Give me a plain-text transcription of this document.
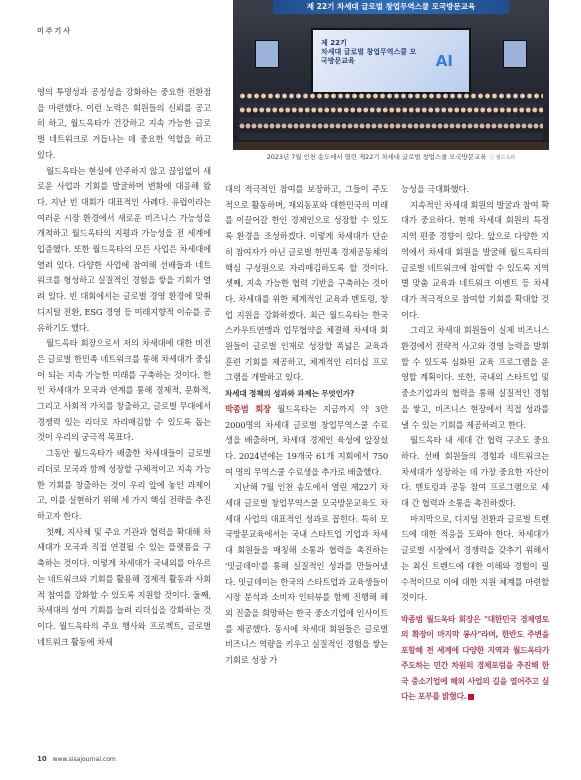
미주기사
제 22기 차세대 글로벌 창업무역스쿨 모국방문교육
제 22기
차세대 글로벌 창업무역스쿨 모국방문교육	AI
2023년 7월 인천 송도에서 열린 제22기 차세대 글로벌 창업스쿨 모국방문교육 ⓒ 월드옥타

영의 투명성과 공정성을 강화하는 중요한 전환점을 마련했다. 이런 노력은 회원들의 신뢰를 공고히 하고, 월드옥타가 건강하고 지속 가능한 글로벌 네트워크로 거듭나는 데 중요한 역할을 하고 있다.

월드옥타는 현실에 안주하지 않고 끊임없이 새로운 사업과 기회를 발굴하며 변화에 대응해 왔다. 지난 빈 대회가 대표적인 사례다. 유럽이라는 여러운 시장 환경에서 새로운 비즈니스 가능성을 개척하고 월드옥타의 지평과 가능성을 전 세계에 입증했다. 또한 월드옥타의 모든 사업은 차세대에 열려 있다. 다양한 사업에 참여해 선배들과 네트워크를 형성하고 실질적인 경험을 쌓을 기회가 열려 있다. 빈 대회에서는 글로벌 경영 환경에 맞춰 디지털 전환, ESG 경영 등 미래지향적 이슈를 공유하기도 했다.

월드옥타 회장으로서 저의 차세대에 대한 비전은 글로벌 한민족 네트워크를 통해 차세대가 중심이 되는 지속 가능한 미래를 구축하는 것이다. 한인 차세대가 모국과 연계를 통해 경제적, 문화적, 그리고 사회적 가치를 창출하고, 글로벌 무대에서 경쟁력 있는 리더로 자리매김할 수 있도록 돕는 것이 우리의 궁극적 목표다.

그동안 월드옥타가 배출한 차세대들이 글로벌 리더로 모국과 함께 성장할 구체적이고 지속 가능한 기회를 창출하는 것이 우리 앞에 놓인 과제이고, 이를 실현하기 위해 세 가지 핵심 전략을 추진하고자 한다.

첫째, 지사체 및 주요 기관과 협력을 확대해 차세대가 모국과 직접 연결될 수 있는 플랫폼을 구축하는 것이다. 이렇게 차세대가 국내외를 아우르는 네트워크와 기회를 활용해 경제적 활동과 사회적 참여를 강화할 수 있도록 지원할 것이다. 둘째, 차세대의 성여 기회를 늘려 리더십을 강화하는 것이다. 월드옥타의 주요 행사와 프로젝트, 글로벌 네트워크 활동에 차세

대의 적극적인 참여를 보장하고, 그들이 주도적으로 활동하며, 재외동포와 대한민국의 미래를 이끌어갈 한인 경제인으로 성장할 수 있도록 환경을 조성하겠다. 이렇게 차세대가 단순히 참여자가 아닌 글로벌 한민족 경제공동체의 핵심 구성원으로 자리매김하도록 할 것이다. 셋째, 지속 가능한 협력 기반을 구축하는 것이다. 차세대를 위한 체계적인 교육과 멘토링, 창업 지원을 강화하겠다. 최근 월드옥타는 한국스카우트연맹과 업무협약을 체결해 차세대 회원들이 글로벌 인재로 성장할 폭넓은 교육과 훈련 기회를 제공하고, 체계적인 리더십 프로그램을 개발하고 있다.

차세대 정책의 성과와 과제는 무엇인가?

박종범 회장 월드옥타는 지금까지 약 3만 2000명의 차세대 글로벌 창업무역스쿨 수료생을 배출하며, 차세대 경제인 육성에 앞장섰다. 2024년에는 19개국 61개 지회에서 750여 명의 무역스쿨 수료생을 추가로 배출했다.

지난해 7월 인천 송도에서 열린 제22기 차세대 글로벌 창업무역스쿨 모국방문교육도 차세대 사업의 대표적인 성과로 꼽힌다. 특히 모국방문교육에서는 국내 스타트업 기업과 차세대 회원들을 매칭해 소통과 협력을 촉진하는 '밋글데이'를 통해 실질적인 성과를 만들어냈다. 밋글데이는 한국의 스타트업과 교육생들이 시장 분석과 소비자 인터뷰를 함께 진행해 해외 진출을 희망하는 한국 중소기업에 인사이트를 제공했다. 동시에 차세대 회원들은 글로벌 비즈니스 역량을 키우고 실질적인 경험을 쌓는 기회로 성장 가

능성을 극대화했다.

지속적인 차세대 회원의 발굴과 참여 확대가 중요하다. 현재 차세대 회원의 특정 지역 편중 경향이 있다. 앞으로 다양한 지역에서 차세대 회원을 발굴해 월드옥타의 글로벌 네트워크에 참여할 수 있도록 지역별 맞춤 교육과 네트워크 이벤트 등 차세대가 적극적으로 참여할 기회를 확대할 것이다.

그리고 차세대 회원들이 실제 비즈니스 환경에서 전략적 사고와 경영 능력을 발휘할 수 있도록 심화된 교육 프로그램을 운영할 계획이다. 또한, 국내외 스타트업 및 중소기업과의 협력을 통해 실질적인 경험을 쌓고, 비즈니스 현장에서 직접 성과를 낼 수 있는 기회를 제공하려고 한다.

월드옥타 내 세대 간 협력 구조도 중요하다. 선배 회원들의 경험과 네트워크는 차세대가 성장하는 데 가장 중요한 자산이다. 멘토링과 공동 참여 프로그램으로 세대 간 협력과 소통을 촉진하겠다.

마지막으로, 디지털 전환과 글로벌 트렌드에 대한 적응을 도와야 한다. 차세대가 글로벌 시장에서 경쟁력을 갖추기 위해서는 최신 트렌드에 대한 이해와 경험이 필수적이므로 이에 대한 지원 체계를 마련할 것이다.

박종범 월드옥타 회장은 "대한민국 경제영토의 확장이 마지막 봉사"라며, 한반도 주변을 포함해 전 세계에 다양한 지역과 월드옥타가 주도하는 민간 차원의 경제포럼을 추진해 한국 중소기업에 해외 사업의 길을 열어주고 싶다는 포부를 밝혔다.

10 www.sisajournal.com
